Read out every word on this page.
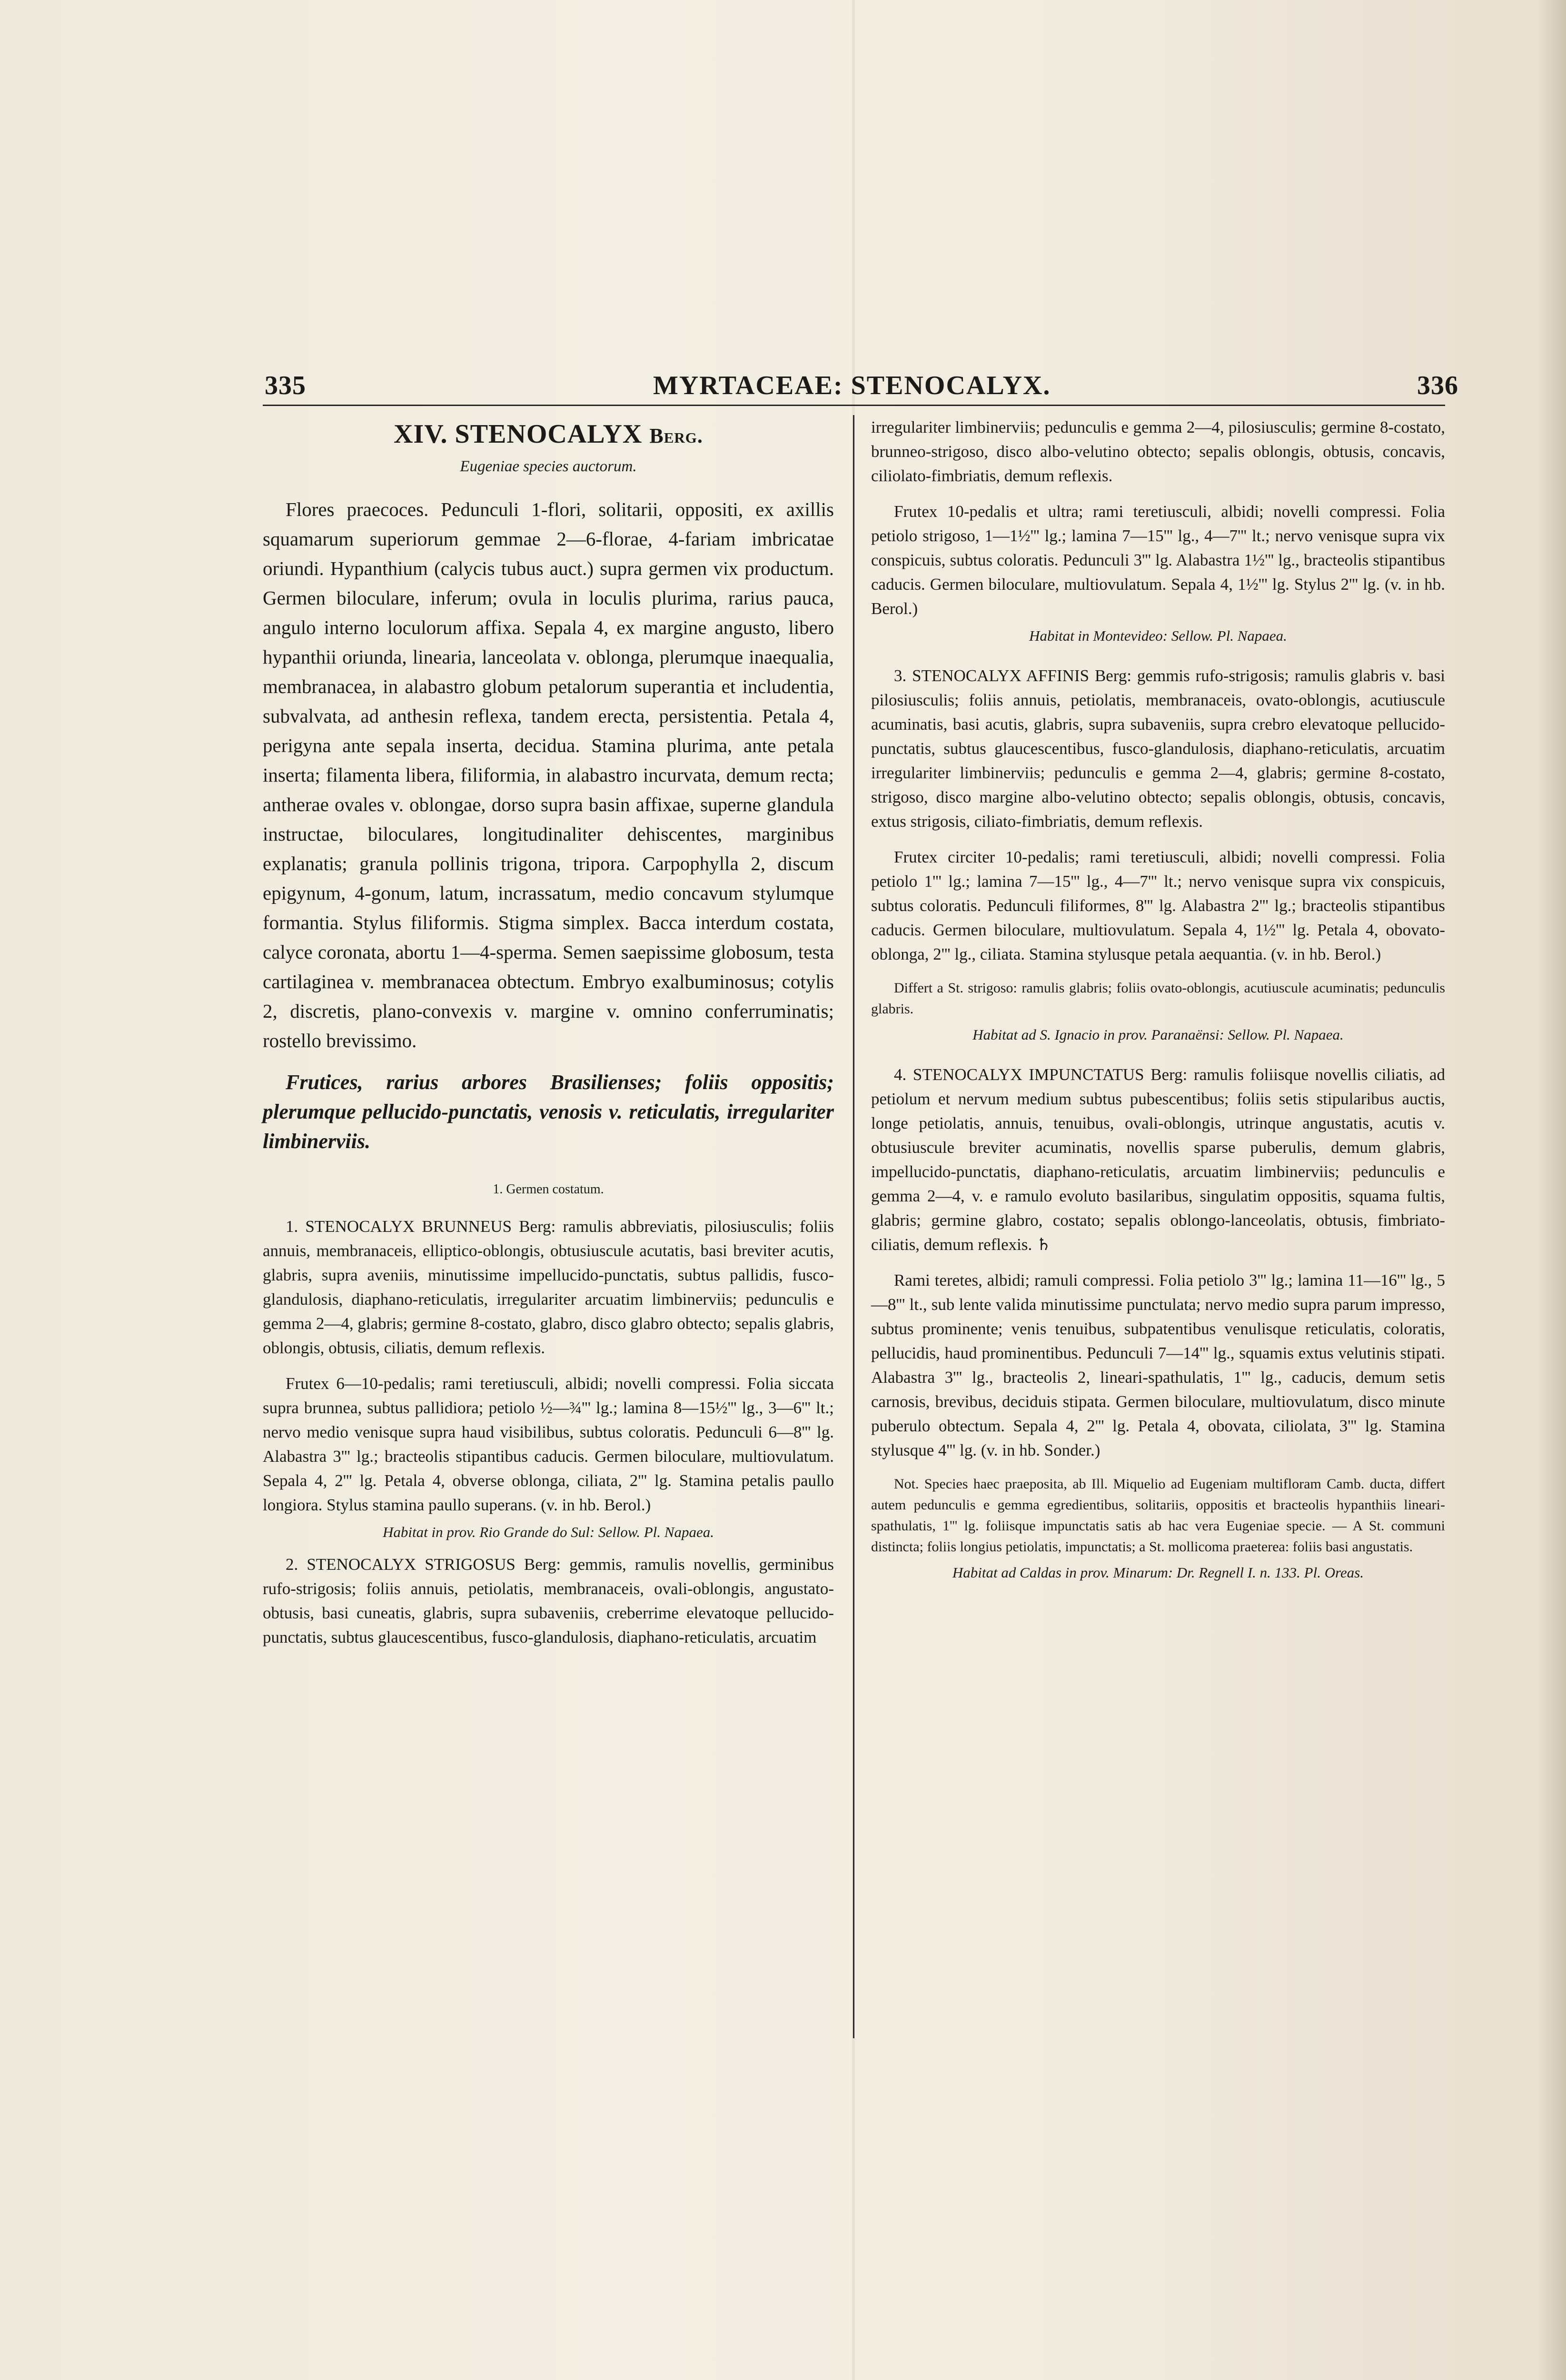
335	MYRTACEAE: STENOCALYX.	336
XIV. STENOCALYX Berg.
Eugeniae species auctorum.

Flores praecoces. Pedunculi 1-flori, solitarii, oppositi, ex axillis squamarum superiorum gemmae 2—6-florae, 4-fariam imbricatae oriundi. Hypanthium (calycis tubus auct.) supra germen vix productum. Germen biloculare, inferum; ovula in loculis plurima, rarius pauca, angulo interno loculorum affixa. Sepala 4, ex margine angusto, libero hypanthii oriunda, linearia, lanceolata v. oblonga, plerumque inaequalia, membranacea, in alabastro globum petalorum superantia et includentia, subvalvata, ad anthesin reflexa, tandem erecta, persistentia. Petala 4, perigyna ante sepala inserta, decidua. Stamina plurima, ante petala inserta; filamenta libera, filiformia, in alabastro incurvata, demum recta; antherae ovales v. oblongae, dorso supra basin affixae, superne glandula instructae, biloculares, longitudinaliter dehiscentes, marginibus explanatis; granula pollinis trigona, tripora. Carpophylla 2, discum epigynum, 4-gonum, latum, incrassatum, medio concavum stylumque formantia. Stylus filiformis. Stigma simplex. Bacca interdum costata, calyce coronata, abortu 1—4-sperma. Semen saepissime globosum, testa cartilaginea v. membranacea obtectum. Embryo exalbuminosus; cotylis 2, discretis, plano-convexis v. margine v. omnino conferruminatis; rostello brevissimo.

Frutices, rarius arbores Brasilienses; foliis oppositis; plerumque pellucido-punctatis, venosis v. reticulatis, irregulariter limbinerviis.

1. Germen costatum.

1. STENOCALYX BRUNNEUS Berg: ramulis abbreviatis, pilosiusculis; foliis annuis, membranaceis, elliptico-oblongis, obtusiuscule acutatis, basi breviter acutis, glabris, supra aveniis, minutissime impellucido-punctatis, subtus pallidis, fusco-glandulosis, diaphano-reticulatis, irregulariter arcuatim limbinerviis; pedunculis e gemma 2—4, glabris; germine 8-costato, glabro, disco glabro obtecto; sepalis glabris, oblongis, obtusis, ciliatis, demum reflexis.

Frutex 6—10-pedalis; rami teretiusculi, albidi; novelli compressi. Folia siccata supra brunnea, subtus pallidiora; petiolo ½—¾''' lg.; lamina 8—15½''' lg., 3—6''' lt.; nervo medio venisque supra haud visibilibus, subtus coloratis. Pedunculi 6—8''' lg. Alabastra 3''' lg.; bracteolis stipantibus caducis. Germen biloculare, multiovulatum. Sepala 4, 2''' lg. Petala 4, obverse oblonga, ciliata, 2''' lg. Stamina petalis paullo longiora. Stylus stamina paullo superans. (v. in hb. Berol.)

Habitat in prov. Rio Grande do Sul: Sellow. Pl. Napaea.

2. STENOCALYX STRIGOSUS Berg: gemmis, ramulis novellis, germinibus rufo-strigosis; foliis annuis, petiolatis, membranaceis, ovali-oblongis, angustato-obtusis, basi cuneatis, glabris, supra subaveniis, creberrime elevatoque pellucido-punctatis, subtus glaucescentibus, fusco-glandulosis, diaphano-reticulatis, arcuatim

irregulariter limbinerviis; pedunculis e gemma 2—4, pilosiusculis; germine 8-costato, brunneo-strigoso, disco albo-velutino obtecto; sepalis oblongis, obtusis, concavis, ciliolato-fimbriatis, demum reflexis.

Frutex 10-pedalis et ultra; rami teretiusculi, albidi; novelli compressi. Folia petiolo strigoso, 1—1½''' lg.; lamina 7—15''' lg., 4—7''' lt.; nervo venisque supra vix conspicuis, subtus coloratis. Pedunculi 3''' lg. Alabastra 1½''' lg., bracteolis stipantibus caducis. Germen biloculare, multiovulatum. Sepala 4, 1½''' lg. Stylus 2''' lg. (v. in hb. Berol.)

Habitat in Montevideo: Sellow. Pl. Napaea.

3. STENOCALYX AFFINIS Berg: gemmis rufo-strigosis; ramulis glabris v. basi pilosiusculis; foliis annuis, petiolatis, membranaceis, ovato-oblongis, acutiuscule acuminatis, basi acutis, glabris, supra subaveniis, supra crebro elevatoque pellucido-punctatis, subtus glaucescentibus, fusco-glandulosis, diaphano-reticulatis, arcuatim irregulariter limbinerviis; pedunculis e gemma 2—4, glabris; germine 8-costato, strigoso, disco margine albo-velutino obtecto; sepalis oblongis, obtusis, concavis, extus strigosis, ciliato-fimbriatis, demum reflexis.

Frutex circiter 10-pedalis; rami teretiusculi, albidi; novelli compressi. Folia petiolo 1''' lg.; lamina 7—15''' lg., 4—7''' lt.; nervo venisque supra vix conspicuis, subtus coloratis. Pedunculi filiformes, 8''' lg. Alabastra 2''' lg.; bracteolis stipantibus caducis. Germen biloculare, multiovulatum. Sepala 4, 1½''' lg. Petala 4, obovato-oblonga, 2''' lg., ciliata. Stamina stylusque petala aequantia. (v. in hb. Berol.)

Differt a St. strigoso: ramulis glabris; foliis ovato-oblongis, acutiuscule acuminatis; pedunculis glabris.

Habitat ad S. Ignacio in prov. Paranaënsi: Sellow. Pl. Napaea.

4. STENOCALYX IMPUNCTATUS Berg: ramulis foliisque novellis ciliatis, ad petiolum et nervum medium subtus pubescentibus; foliis setis stipularibus auctis, longe petiolatis, annuis, tenuibus, ovali-oblongis, utrinque angustatis, acutis v. obtusiuscule breviter acuminatis, novellis sparse puberulis, demum glabris, impellucido-punctatis, diaphano-reticulatis, arcuatim limbinerviis; pedunculis e gemma 2—4, v. e ramulo evoluto basilaribus, singulatim oppositis, squama fultis, glabris; germine glabro, costato; sepalis oblongo-lanceolatis, obtusis, fimbriato-ciliatis, demum reflexis. ♄

Rami teretes, albidi; ramuli compressi. Folia petiolo 3''' lg.; lamina 11—16''' lg., 5—8''' lt., sub lente valida minutissime punctulata; nervo medio supra parum impresso, subtus prominente; venis tenuibus, subpatentibus venulisque reticulatis, coloratis, pellucidis, haud prominentibus. Pedunculi 7—14''' lg., squamis extus velutinis stipati. Alabastra 3''' lg., bracteolis 2, lineari-spathulatis, 1''' lg., caducis, demum setis carnosis, brevibus, deciduis stipata. Germen biloculare, multiovulatum, disco minute puberulo obtectum. Sepala 4, 2''' lg. Petala 4, obovata, ciliolata, 3''' lg. Stamina stylusque 4''' lg. (v. in hb. Sonder.)

Not. Species haec praeposita, ab Ill. Miquelio ad Eugeniam multifloram Camb. ducta, differt autem pedunculis e gemma egredientibus, solitariis, oppositis et bracteolis hypanthiis lineari-spathulatis, 1''' lg. foliisque impunctatis satis ab hac vera Eugeniae specie. — A St. communi distincta; foliis longius petiolatis, impunctatis; a St. mollicoma praeterea: foliis basi angustatis.

Habitat ad Caldas in prov. Minarum: Dr. Regnell I. n. 133. Pl. Oreas.
